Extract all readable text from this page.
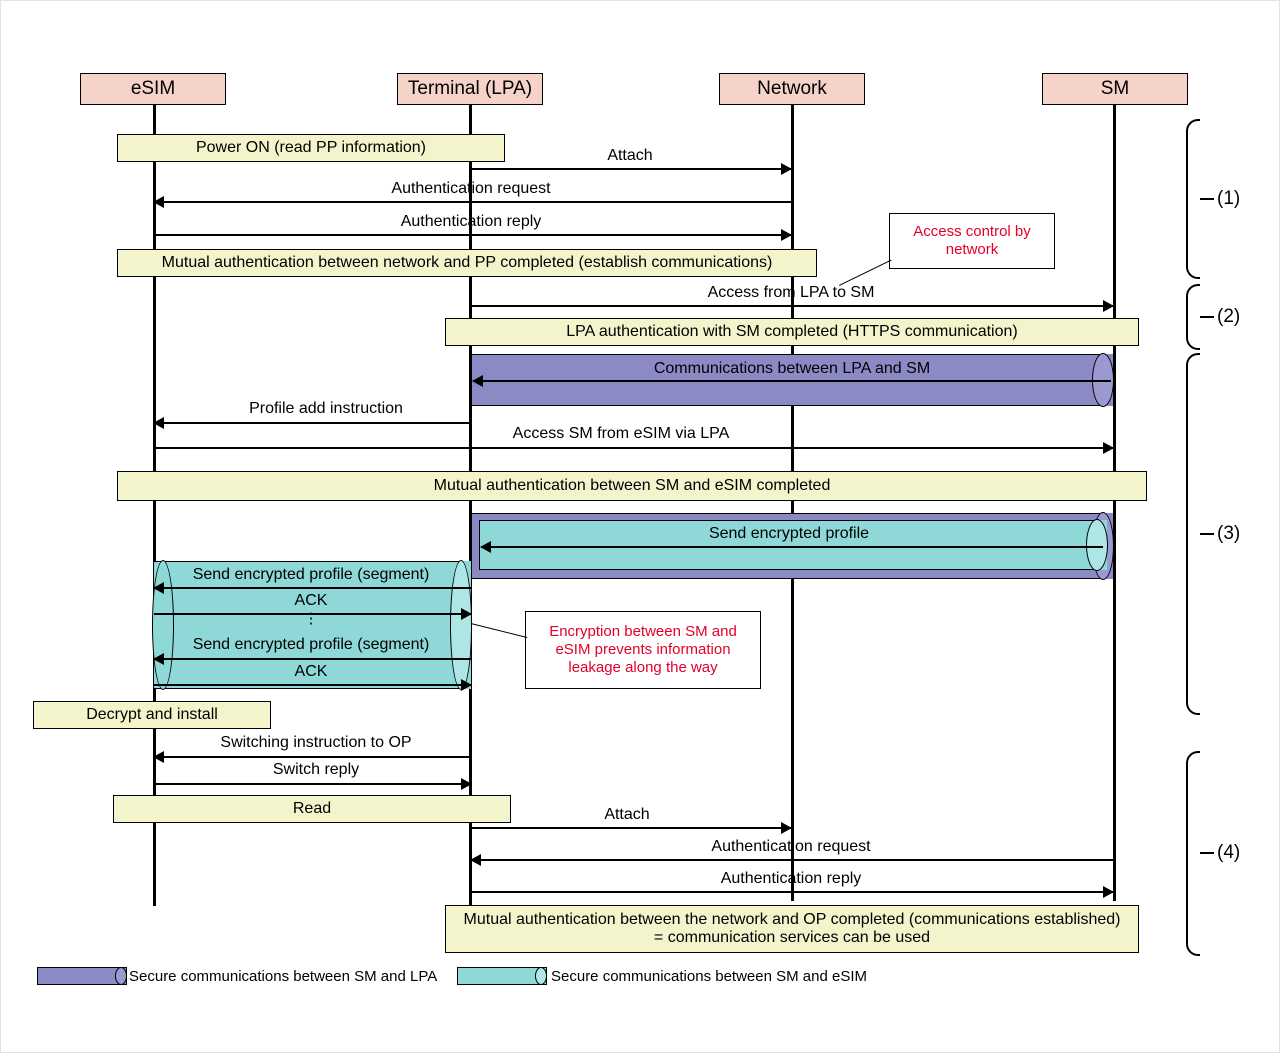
eSIM	Terminal (LPA)	Network	SM
Power ON (read PP information)	Attach
Authentication request
Authentication reply
Mutual authentication between network and PP completed (establish communications)
Access control by network
Access from LPA to SM
LPA authentication with SM completed (HTTPS communication)
Communications between LPA and SM
Profile add instruction
Access SM from eSIM via LPA
Mutual authentication between SM and eSIM completed
Send encrypted profile
Send encrypted profile (segment)
ACK
⋮
Send encrypted profile (segment)
ACK
Encryption between SM and eSIM prevents information leakage along the way
Decrypt and install
Switching instruction to OP
Switch reply
Read	Attach
Authentication request
Authentication reply
Mutual authentication between the network and OP completed (communications established)
= communication services can be used
(1)
(2)
(3)
(4)
Secure communications between SM and LPA	Secure communications between SM and eSIM
